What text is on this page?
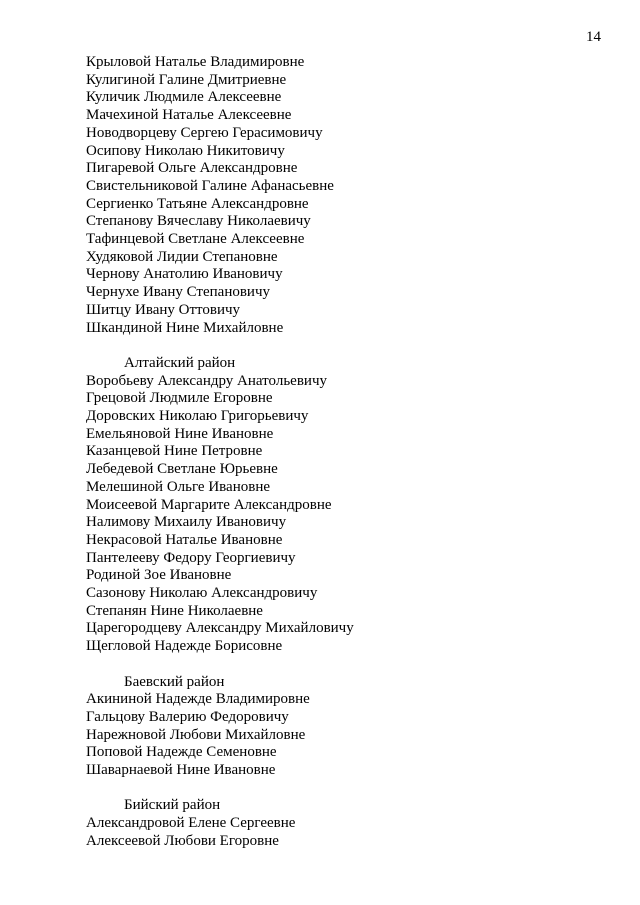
14

Крыловой Наталье Владимировне

Кулигиной Галине Дмитриевне

Куличик Людмиле Алексеевне

Мачехиной Наталье Алексеевне

Новодворцеву Сергею Герасимовичу

Осипову Николаю Никитовичу

Пигаревой Ольге Александровне

Свистельниковой Галине Афанасьевне

Сергиенко Татьяне Александровне

Степанову Вячеславу Николаевичу

Тафинцевой Светлане Алексеевне

Худяковой Лидии Степановне

Чернову Анатолию Ивановичу

Чернухе Ивану Степановичу

Шитцу Ивану Оттовичу

Шкандиной Нине Михайловне

Алтайский район

Воробьеву Александру Анатольевичу

Грецовой Людмиле Егоровне

Доровских Николаю Григорьевичу

Емельяновой Нине Ивановне

Казанцевой Нине Петровне

Лебедевой Светлане Юрьевне

Мелешиной Ольге Ивановне

Моисеевой Маргарите Александровне

Налимову Михаилу Ивановичу

Некрасовой Наталье Ивановне

Пантелееву Федору Георгиевичу

Родиной Зое Ивановне

Сазонову Николаю Александровичу

Степанян Нине Николаевне

Царегородцеву Александру Михайловичу

Щегловой Надежде Борисовне

Баевский район

Акининой Надежде Владимировне

Гальцову Валерию Федоровичу

Нарежновой Любови Михайловне

Поповой Надежде Семеновне

Шаварнаевой Нине Ивановне

Бийский район

Александровой Елене Сергеевне

Алексеевой Любови Егоровне
